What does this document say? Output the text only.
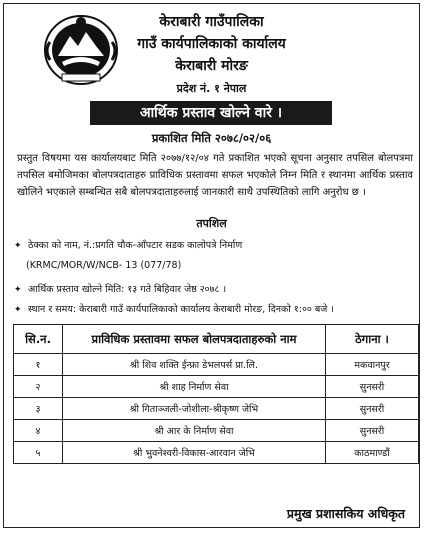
केराबारी गाउँपालिका
गाउँ कार्यपालिकाको कार्यालय
केराबारी मोरङ
प्रदेश नं. १ नेपाल
आर्थिक प्रस्ताव खोल्ने वारे ।
प्रकाशित मिति २०७८/०२/०६
प्रस्तुत विषयमा यस कार्यालयबाट मिति २०७७/१२/०४ गते प्रकाशित भएको सूचना अनुसार तपसिल बोलपत्रमा तपसिल बमोजिमका बोलपत्रदाताहरु प्राविधिक प्रस्तावमा सफल भएकोले निम्न मिति र स्थानमा आर्थिक प्रस्ताव खोलिने भएकाले सम्बन्धित सबै बोलपत्रदाताहरुलाई जानकारी साथै उपस्थितिको लागि अनुरोध छ ।
तपशिल
✦ ठेक्का को नाम, नं.:प्रगति चौक-आँपटार सडक कालोपत्रे निर्माण
(KRMC/MOR/W/NCB- 13 (077/78)
✦ आर्थिक प्रस्ताव खोल्ने मिति: १३ गते बिहिवार जेष्ठ २०७८ ।
✦ स्थान र समय: केराबारी गाउँ कार्यपालिकाको कार्यालय केराबारी मोरङ, दिनको १:०० बजे ।
सि.न.	प्राविधिक प्रस्तावमा सफल बोलपत्रदाताहरुको नाम	ठेगाना ।
१	श्री शिव शक्ति ईन्फ्रा डेभलपर्स प्रा.लि.	मकवानपुर
२	श्री शाह निर्माण सेवा	सुनसरी
३	श्री गिताञ्जली-जोशीला-श्रीकृष्ण जेभि	सुनसरी
४	श्री आर के निर्माण सेवा	सुनसरी
५	श्री भुवनेश्वरी-विकास-आरवान जेभि	काठमाण्डौं
प्रमुख प्रशासकिय अधिकृत
